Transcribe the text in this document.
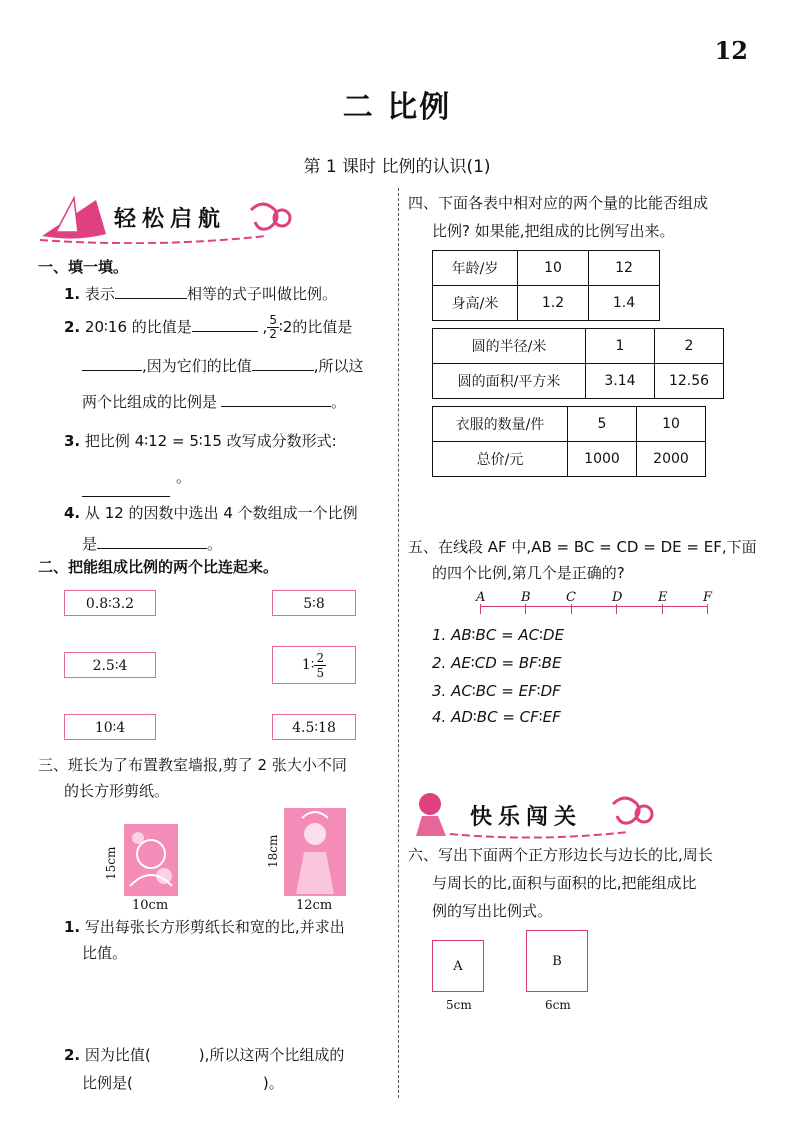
12
二 比例
第 1 课时 比例的认识(1)
轻松启航
一、填一填。
1. 表示	相等的式子叫做比例。
2. 20∶16 的比值是	, $\frac{5}{2}$ ∶2的比值是
,因为它们的比值	,所以这
两个比组成的比例是	。
3. 把比例 4∶12 = 5∶15 改写成分数形式:
。
4. 从 12 的因数中选出 4 个数组成一个比例
是	。
二、把能组成比例的两个比连起来。
0.8∶3.2
2.5∶4
10∶4
5∶8
1∶ $\frac{2}{5}$
4.5∶18
三、班长为了布置教室墙报,剪了 2 张大小不同
的长方形剪纸。
15cm
10cm
18cm
12cm
1. 写出每张长方形剪纸长和宽的比,并求出
比值。
2. 因为比值(	),所以这两个比组成的
比例是(	)。
四、下面各表中相对应的两个量的比能否组成
比例? 如果能,把组成的比例写出来。
年龄/岁	10	12
身高/米	1.2	1.4
圆的半径/米	1	2
圆的面积/平方米	3.14	12.56
衣服的数量/件	5	10
总价/元	1000	2000
五、在线段 AF 中,AB = BC = CD = DE = EF,下面
的四个比例,第几个是正确的?
A	B	C	D	E	F
1. AB∶BC = AC∶DE
2. AE∶CD = BF∶BE
3. AC∶BC = EF∶DF
4. AD∶BC = CF∶EF
快乐闯关
六、写出下面两个正方形边长与边长的比,周长
与周长的比,面积与面积的比,把能组成比
例的写出比例式。
A
5cm
B
6cm
